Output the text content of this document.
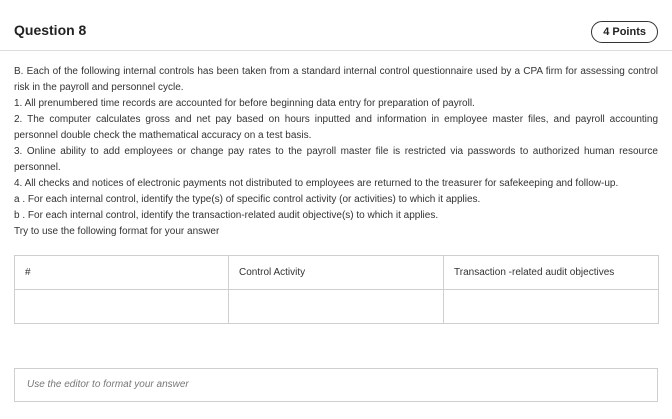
Question 8	4 Points

B. Each of the following internal controls has been taken from a standard internal control questionnaire used by a CPA firm for assessing control risk in the payroll and personnel cycle.

1. All prenumbered time records are accounted for before beginning data entry for preparation of payroll.

2. The computer calculates gross and net pay based on hours inputted and information in employee master files, and payroll accounting personnel double check the mathematical accuracy on a test basis.

3. Online ability to add employees or change pay rates to the payroll master file is restricted via passwords to authorized human resource personnel.

4. All checks and notices of electronic payments not distributed to employees are returned to the treasurer for safekeeping and follow-up.

a . For each internal control, identify the type(s) of specific control activity (or activities) to which it applies.

b . For each internal control, identify the transaction-related audit objective(s) to which it applies.

Try to use the following format for your answer

#	Control Activity	Transaction -related audit objectives

Use the editor to format your answer
